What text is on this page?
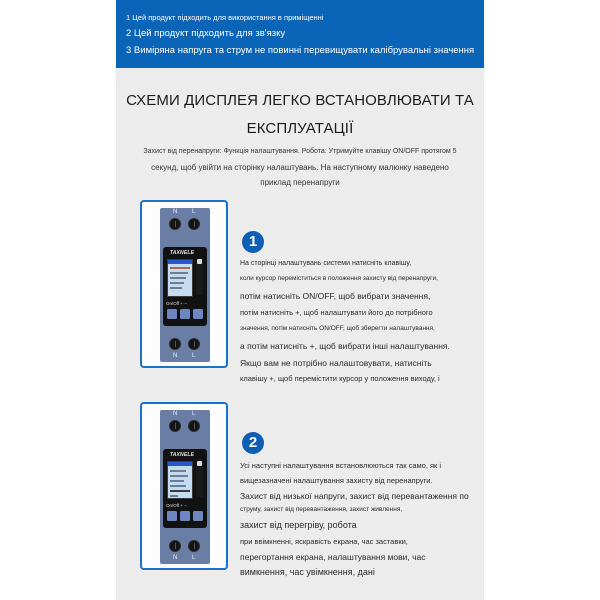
1 Цей продукт підходить для використання в приміщенні
2 Цей продукт підходить для зв'язку
3 Виміряна напруга та струм не повинні перевищувати калібрувальні значення
СХЕМИ ДИСПЛЕЯ ЛЕГКО ВСТАНОВЛЮВАТИ ТА
ЕКСПЛУАТАЦІЇ
Захист від перенапруги: Функція налаштування. Робота: Утримуйте клавішу ON/OFF протягом 5
секунд, щоб увійти на сторінку налаштувань. На наступному малюнку наведено
приклад перенапруги
N L
TAXNELE
On/Off + −
N L
1
На сторінці налаштувань системи натисніть клавішу,
коли курсор переміститься в положення захисту від перенапруги,
потім натисніть ON/OFF, щоб вибрати значення,
потім натисніть +, щоб налаштувати його до потрібного
значення, потім натисніть ON/OFF, щоб зберегти налаштування,
а потім натисніть +, щоб вибрати інші налаштування.
Якщо вам не потрібно налаштовувати, натисніть
клавішу +, щоб перемістити курсор у положення виходу, і
N L
TAXNELE
On/Off + −
N L
2
Усі наступні налаштування встановлюються так само, як і
вищезазначені налаштування захисту від перенапруги.
Захист від низької напруги, захист від перевантаження по
струму, захист від перевантаження, захист живлення,
захист від перегріву, робота
при ввімкненні, яскравість екрана, час заставки,
перегортання екрана, налаштування мови, час
вимкнення, час увімкнення, дані
